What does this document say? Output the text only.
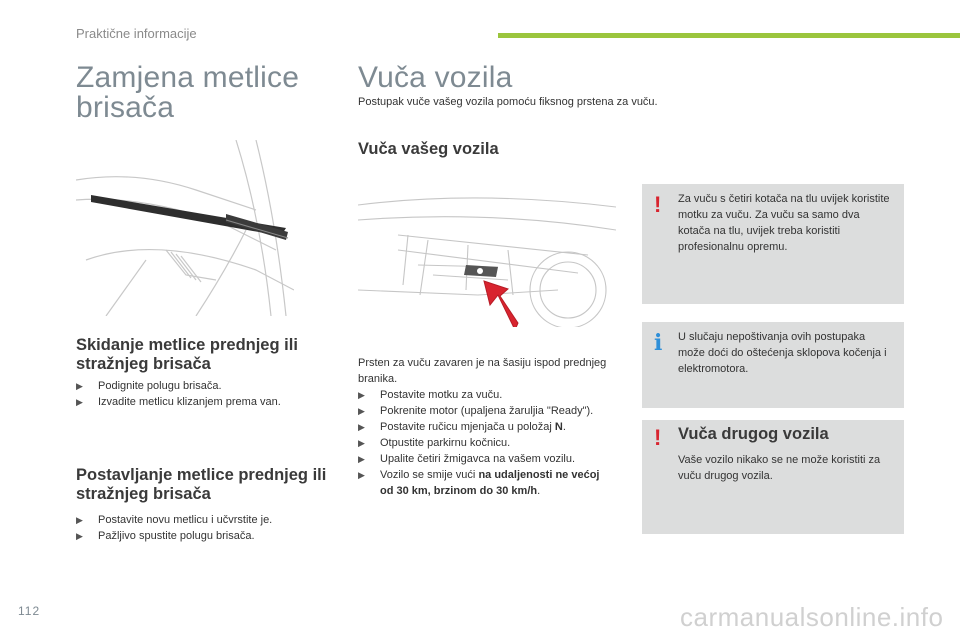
Praktične informacije
Zamjena metlice brisača
Skidanje metlice prednjeg ili stražnjeg brisača
▶ Podignite polugu brisača.
▶ Izvadite metlicu klizanjem prema van.
Postavljanje metlice prednjeg ili stražnjeg brisača
▶ Postavite novu metlicu i učvrstite je.
▶ Pažljivo spustite polugu brisača.
Vuča vozila
Postupak vuče vašeg vozila pomoću fiksnog prstena za vuču.
Vuča vašeg vozila
Prsten za vuču zavaren je na šasiju ispod prednjeg branika.
▶ Postavite motku za vuču.
▶ Pokrenite motor (upaljena žaruljia "Ready").
▶ Postavite ručicu mjenjača u položaj N.
▶ Otpustite parkirnu kočnicu.
▶ Upalite četiri žmigavca na vašem vozilu.
▶ Vozilo se smije vući na udaljenosti ne većoj od 30 km, brzinom do 30 km/h.
! Za vuču s četiri kotača na tlu uvijek koristite motku za vuču. Za vuču sa samo dva kotača na tlu, uvijek treba koristiti profesionalnu opremu.
i U slučaju nepoštivanja ovih postupaka može doći do oštećenja sklopova kočenja i elektromotora.
! Vuča drugog vozila
Vaše vozilo nikako se ne može koristiti za vuču drugog vozila.
112	carmanualsonline.info
